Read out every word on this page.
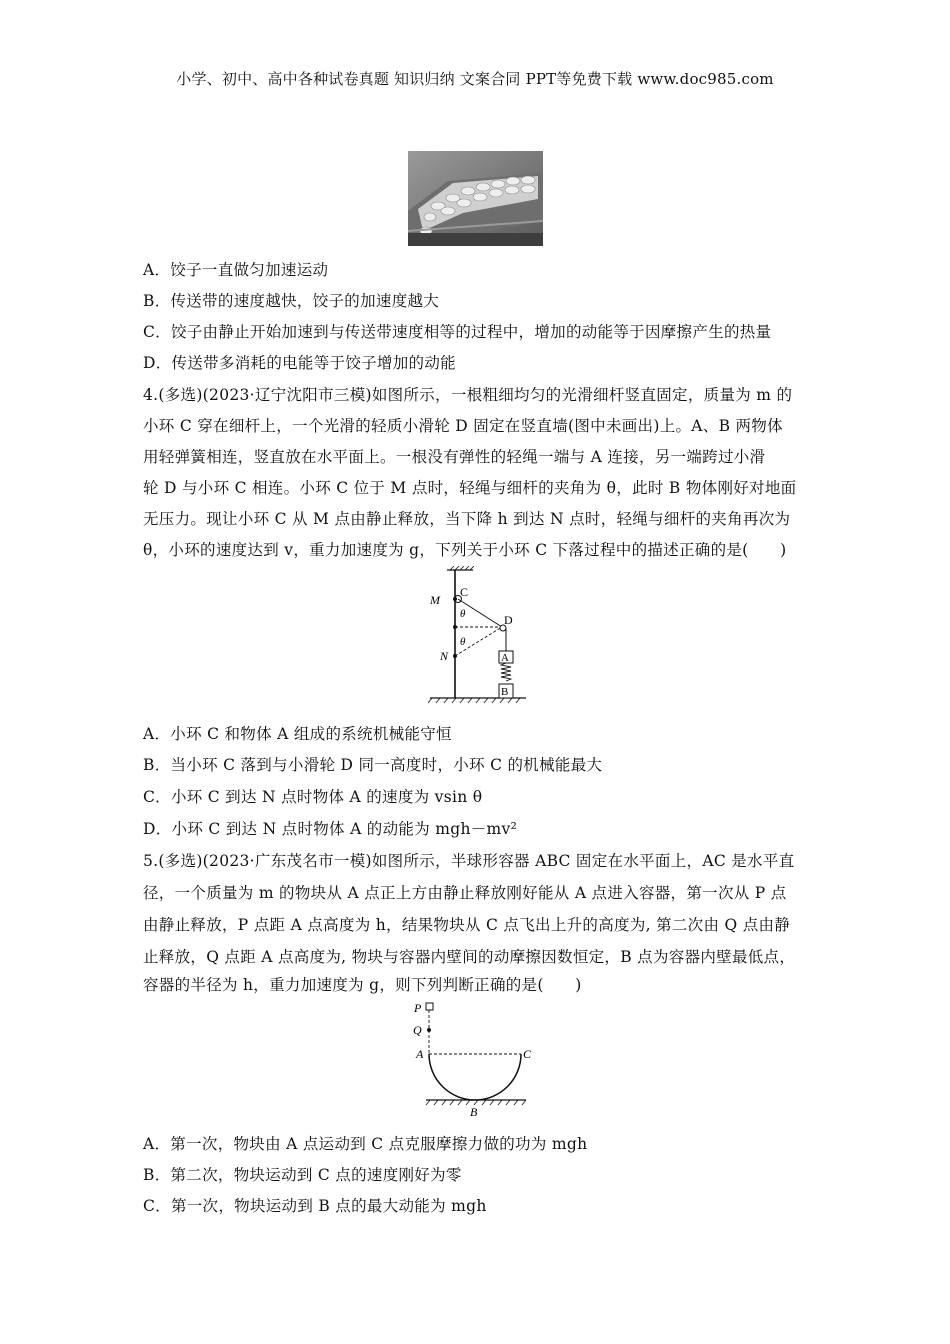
小学、初中、高中各种试卷真题 知识归纳 文案合同 PPT等免费下载 www.doc985.com
A．饺子一直做匀加速运动
B．传送带的速度越快，饺子的加速度越大
C．饺子由静止开始加速到与传送带速度相等的过程中，增加的动能等于因摩擦产生的热量
D．传送带多消耗的电能等于饺子增加的动能
4.(多选)(2023·辽宁沈阳市三模)如图所示，一根粗细均匀的光滑细杆竖直固定，质量为 m 的
小环 C 穿在细杆上，一个光滑的轻质小滑轮 D 固定在竖直墙(图中未画出)上。A、B 两物体
用轻弹簧相连，竖直放在水平面上。一根没有弹性的轻绳一端与 A 连接，另一端跨过小滑
轮 D 与小环 C 相连。小环 C 位于 M 点时，轻绳与细杆的夹角为 θ，此时 B 物体刚好对地面
无压力。现让小环 C 从 M 点由静止释放，当下降 h 到达 N 点时，轻绳与细杆的夹角再次为
θ，小环的速度达到 v，重力加速度为 g，下列关于小环 C 下落过程中的描述正确的是(　　)
M
C
θ	D
θ
N	A
B
A．小环 C 和物体 A 组成的系统机械能守恒
B．当小环 C 落到与小滑轮 D 同一高度时，小环 C 的机械能最大
C．小环 C 到达 N 点时物体 A 的速度为 vsin θ
D．小环 C 到达 N 点时物体 A 的动能为 mgh－mv²
5.(多选)(2023·广东茂名市一模)如图所示，半球形容器 ABC 固定在水平面上，AC 是水平直
径，一个质量为 m 的物块从 A 点正上方由静止释放刚好能从 A 点进入容器，第一次从 P 点
由静止释放，P 点距 A 点高度为 h，结果物块从 C 点飞出上升的高度为, 第二次由 Q 点由静
止释放，Q 点距 A 点高度为, 物块与容器内壁间的动摩擦因数恒定，B 点为容器内壁最低点，
容器的半径为 h，重力加速度为 g，则下列判断正确的是(　　)
P
Q
A	C
B
A．第一次，物块由 A 点运动到 C 点克服摩擦力做的功为 mgh
B．第二次，物块运动到 C 点的速度刚好为零
C．第一次，物块运动到 B 点的最大动能为 mgh
